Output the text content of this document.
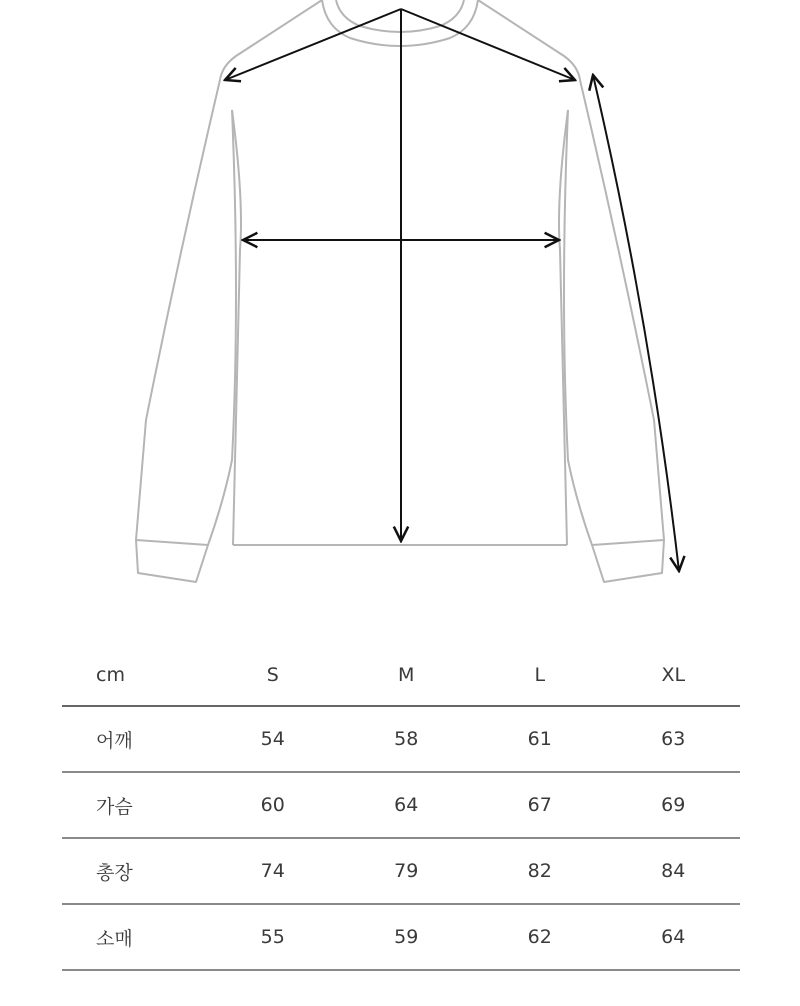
cm	S	M	L	XL
어깨	54	58	61	63
가슴	60	64	67	69
총장	74	79	82	84
소매	55	59	62	64
